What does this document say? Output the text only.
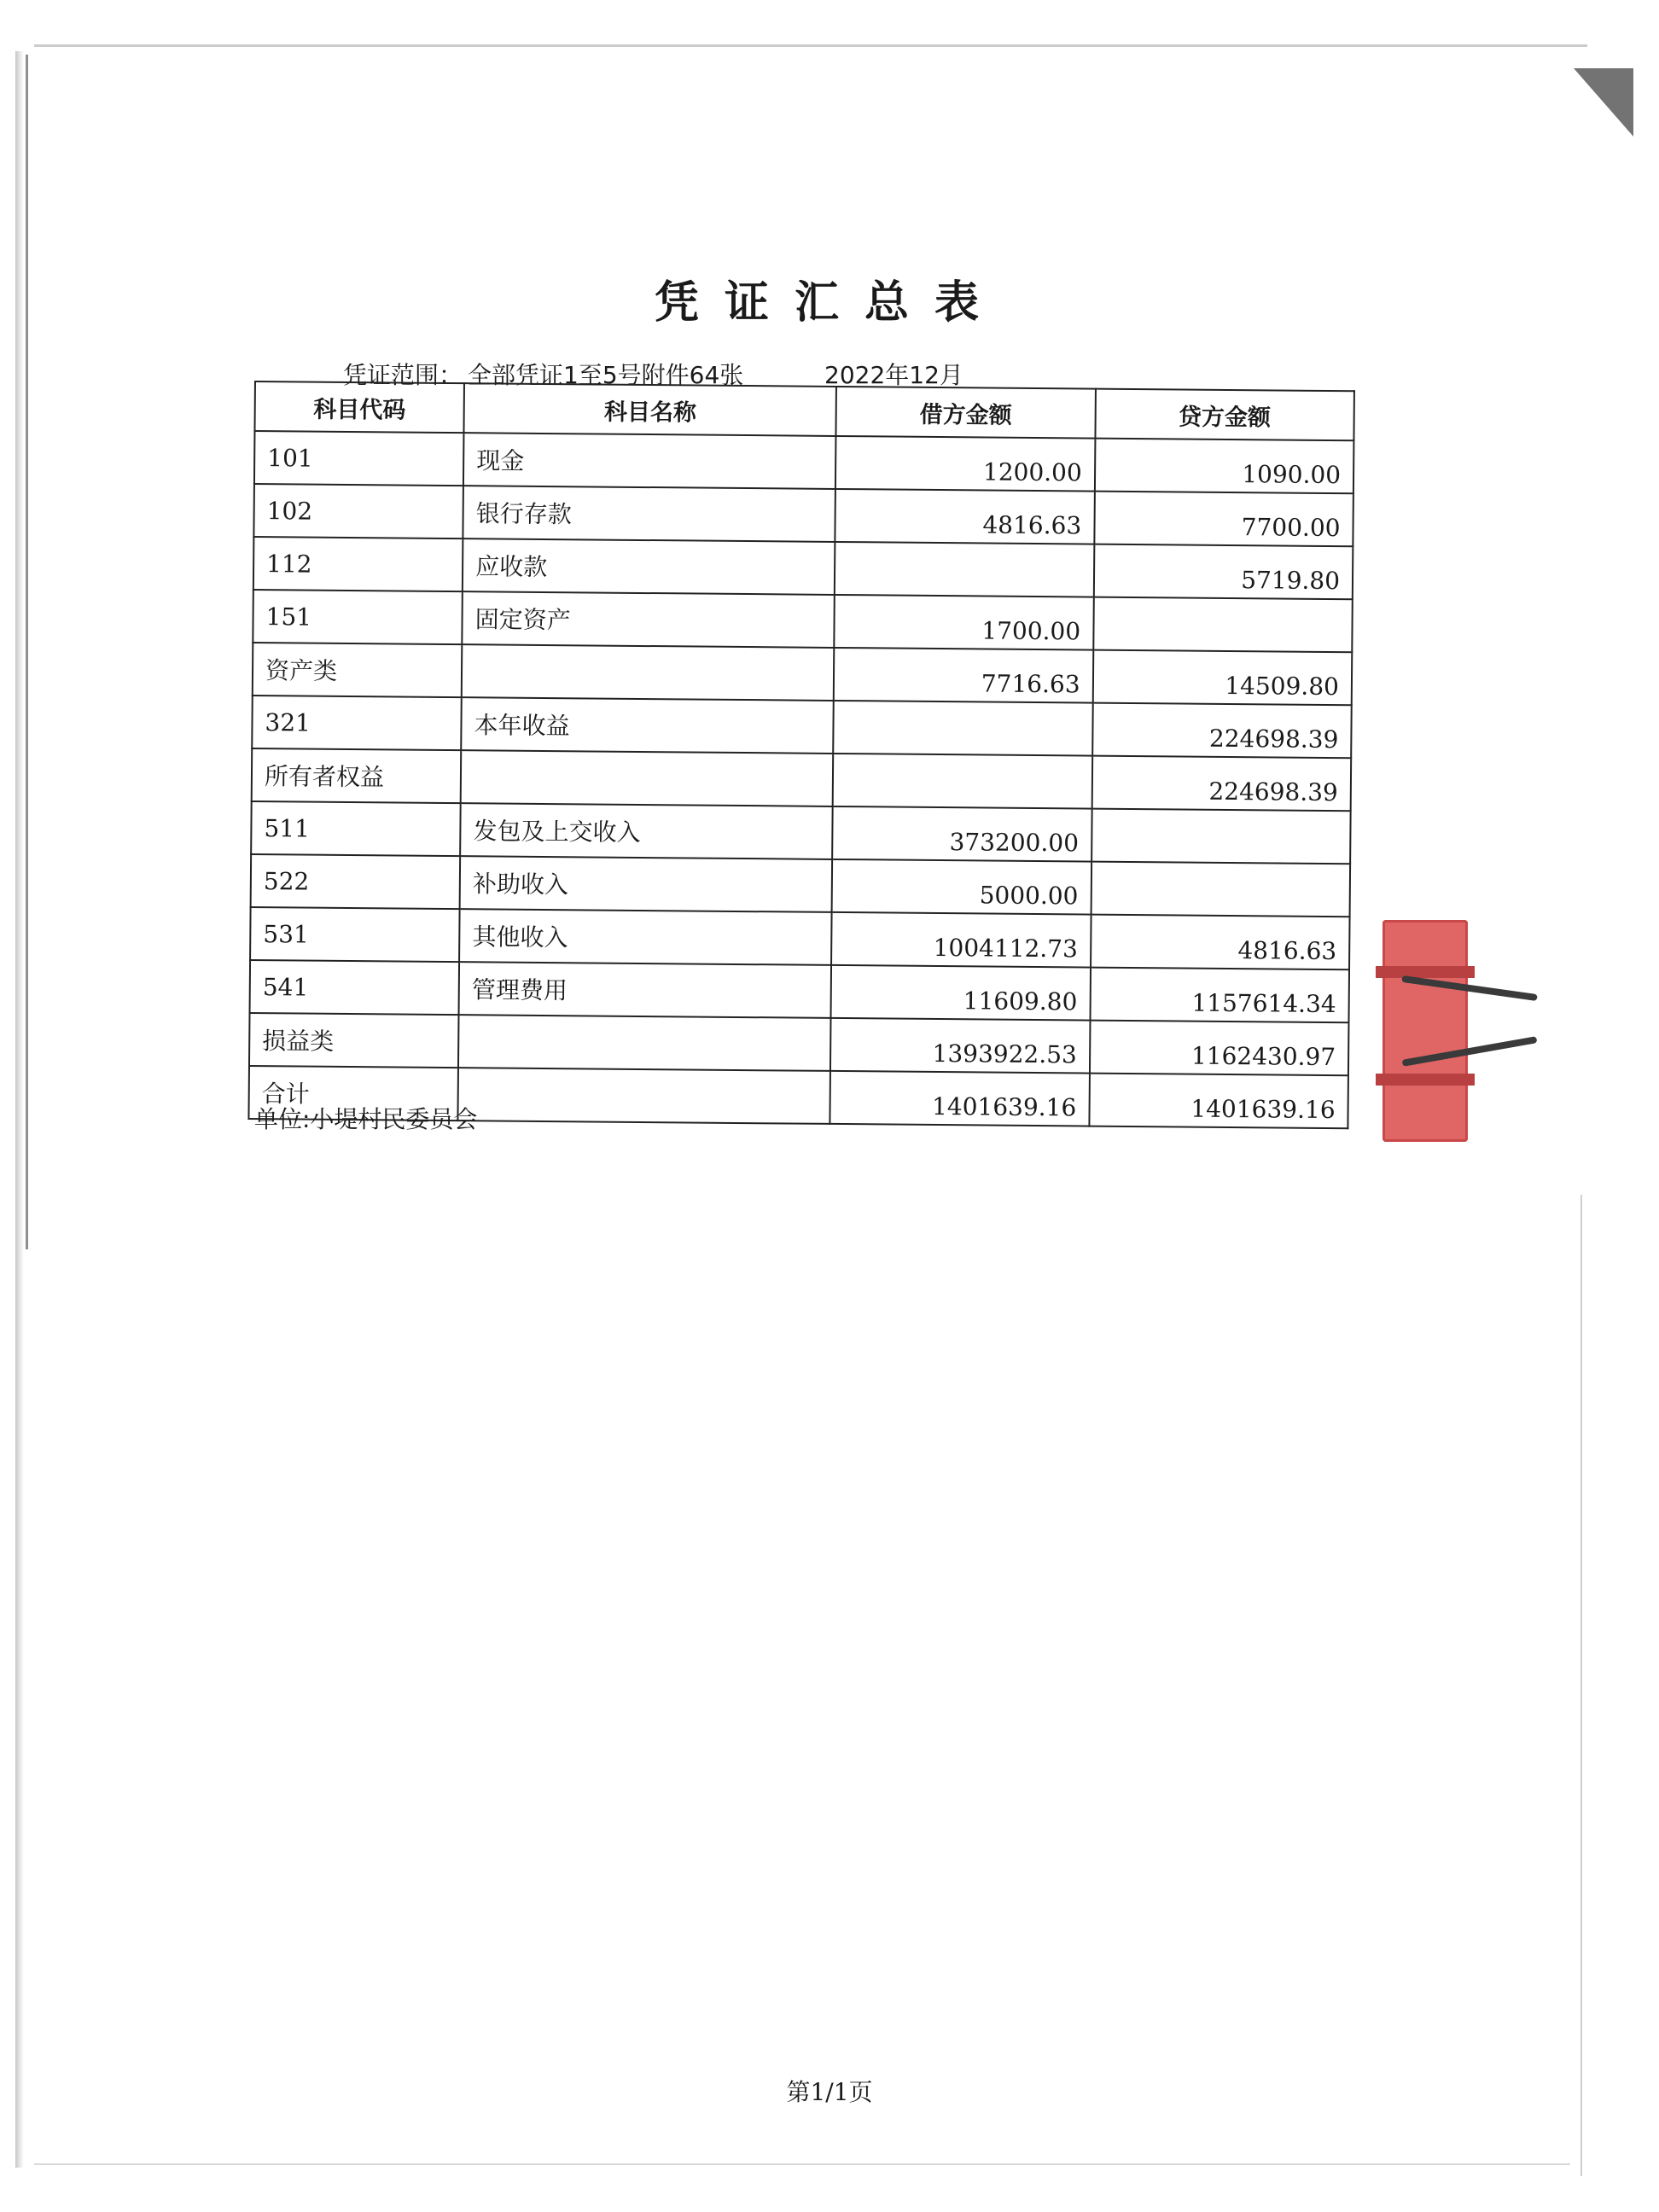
凭证汇总表
凭证范围： 全部凭证1至5号附件64张	2022年12月
科目代码	科目名称	借方金额	贷方金额
101	现金	1200.00	1090.00
102	银行存款	4816.63	7700.00
112	应收款		5719.80
151	固定资产	1700.00	
资产类		7716.63	14509.80
321	本年收益		224698.39
所有者权益			224698.39
511	发包及上交收入	373200.00	
522	补助收入	5000.00	
531	其他收入	1004112.73	4816.63
541	管理费用	11609.80	1157614.34
损益类		1393922.53	1162430.97
合计		1401639.16	1401639.16
单位:小堤村民委员会
第1/1页
